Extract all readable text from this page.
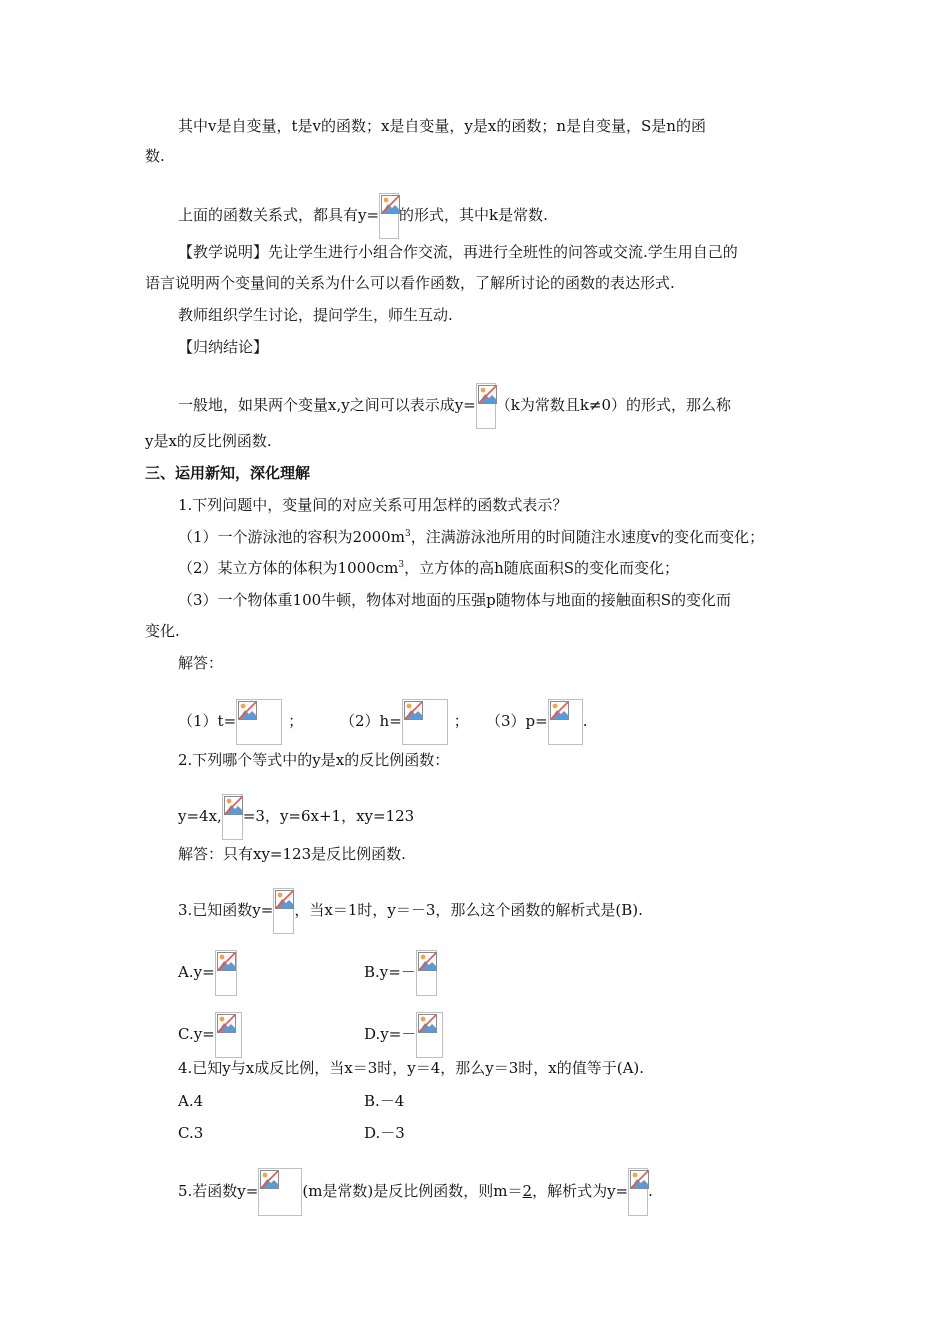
其中v是自变量，t是v的函数；x是自变量，y是x的函数；n是自变量，S是n的函
数.
上面的函数关系式，都具有y= 的形式，其中k是常数.
【教学说明】先让学生进行小组合作交流，再进行全班性的问答或交流.学生用自己的
语言说明两个变量间的关系为什么可以看作函数，了解所讨论的函数的表达形式.
教师组织学生讨论，提问学生，师生互动.
【归纳结论】
一般地，如果两个变量x,y之间可以表示成y= （k为常数且k≠0）的形式，那么称
y是x的反比例函数.
三、运用新知，深化理解
1.下列问题中，变量间的对应关系可用怎样的函数式表示？
（1）一个游泳池的容积为$2000m^3$，注满游泳池所用的时间随注水速度v的变化而变化；
（2）某立方体的体积为$1000cm^3$，立方体的高h随底面积S的变化而变化；
（3）一个物体重100牛顿，物体对地面的压强p随物体与地面的接触面积S的变化而
变化.
解答：
（1）t=	； （2）h=	； （3）p= .
2.下列哪个等式中的y是x的反比例函数：
y=4x, =3，y=6x+1，xy=123
解答：只有xy=123是反比例函数.
3.已知函数y= ，当x＝1时，y＝－3，那么这个函数的解析式是(B).
A.y=	B.y=－
C.y=	D.y=－
4.已知y与x成反比例，当x＝3时，y＝4，那么y＝3时，x的值等于(A).
A.4	B.－4
C.3	D.－3
5.若函数y=	(m是常数)是反比例函数，则m＝2，解析式为y= .
